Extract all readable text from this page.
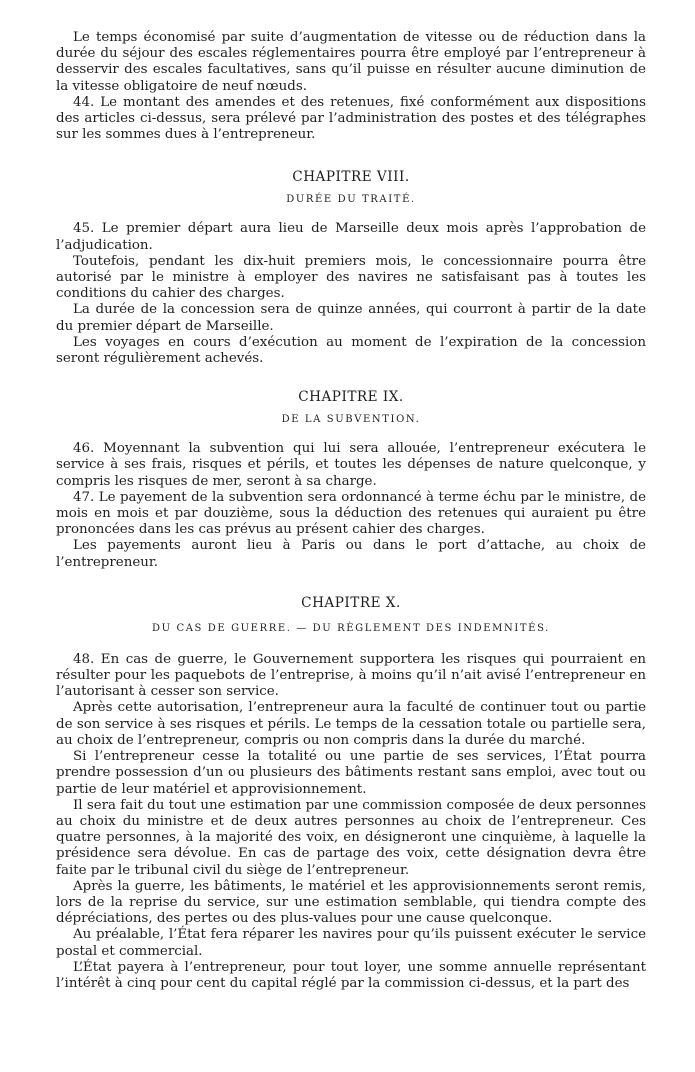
Le temps économisé par suite d’augmentation de vitesse ou de réduction dans la durée du séjour des escales réglementaires pourra être employé par l’entrepreneur à desservir des escales facultatives, sans qu’il puisse en résulter aucune diminution de la vitesse obligatoire de neuf nœuds.

44. Le montant des amendes et des retenues, fixé conformément aux dispositions des articles ci-dessus, sera prélevé par l’administration des postes et des télégraphes sur les sommes dues à l’entrepreneur.

CHAPITRE VIII.
DURÉE DU TRAITÉ.

45. Le premier départ aura lieu de Marseille deux mois après l’approbation de l’adjudication.

Toutefois, pendant les dix-huit premiers mois, le concessionnaire pourra être autorisé par le ministre à employer des navires ne satisfaisant pas à toutes les conditions du cahier des charges.

La durée de la concession sera de quinze années, qui courront à partir de la date du premier départ de Marseille.

Les voyages en cours d’exécution au moment de l’expiration de la concession seront régulièrement achevés.

CHAPITRE IX.
DE LA SUBVENTION.

46. Moyennant la subvention qui lui sera allouée, l’entrepreneur exécutera le service à ses frais, risques et périls, et toutes les dépenses de nature quelconque, y compris les risques de mer, seront à sa charge.

47. Le payement de la subvention sera ordonnancé à terme échu par le ministre, de mois en mois et par douzième, sous la déduction des retenues qui auraient pu être prononcées dans les cas prévus au présent cahier des charges.

Les payements auront lieu à Paris ou dans le port d’attache, au choix de l’entrepreneur.

CHAPITRE X.
DU CAS DE GUERRE. — DU RÈGLEMENT DES INDEMNITÉS.

48. En cas de guerre, le Gouvernement supportera les risques qui pourraient en résulter pour les paquebots de l’entreprise, à moins qu’il n’ait avisé l’entrepreneur en l’autorisant à cesser son service.

Après cette autorisation, l’entrepreneur aura la faculté de continuer tout ou partie de son service à ses risques et périls. Le temps de la cessation totale ou partielle sera, au choix de l’entrepreneur, compris ou non compris dans la durée du marché.

Si l’entrepreneur cesse la totalité ou une partie de ses services, l’État pourra prendre possession d’un ou plusieurs des bâtiments restant sans emploi, avec tout ou partie de leur matériel et approvisionnement.

Il sera fait du tout une estimation par une commission composée de deux personnes au choix du ministre et de deux autres personnes au choix de l’entrepreneur. Ces quatre personnes, à la majorité des voix, en désigneront une cinquième, à laquelle la présidence sera dévolue. En cas de partage des voix, cette désignation devra être faite par le tribunal civil du siège de l’entrepreneur.

Après la guerre, les bâtiments, le matériel et les approvisionnements seront remis, lors de la reprise du service, sur une estimation semblable, qui tiendra compte des dépréciations, des pertes ou des plus-values pour une cause quelconque.

Au préalable, l’État fera réparer les navires pour qu’ils puissent exécuter le service postal et commercial.

L’État payera à l’entrepreneur, pour tout loyer, une somme annuelle représentant l’intérêt à cinq pour cent du capital réglé par la commission ci-dessus, et la part des
